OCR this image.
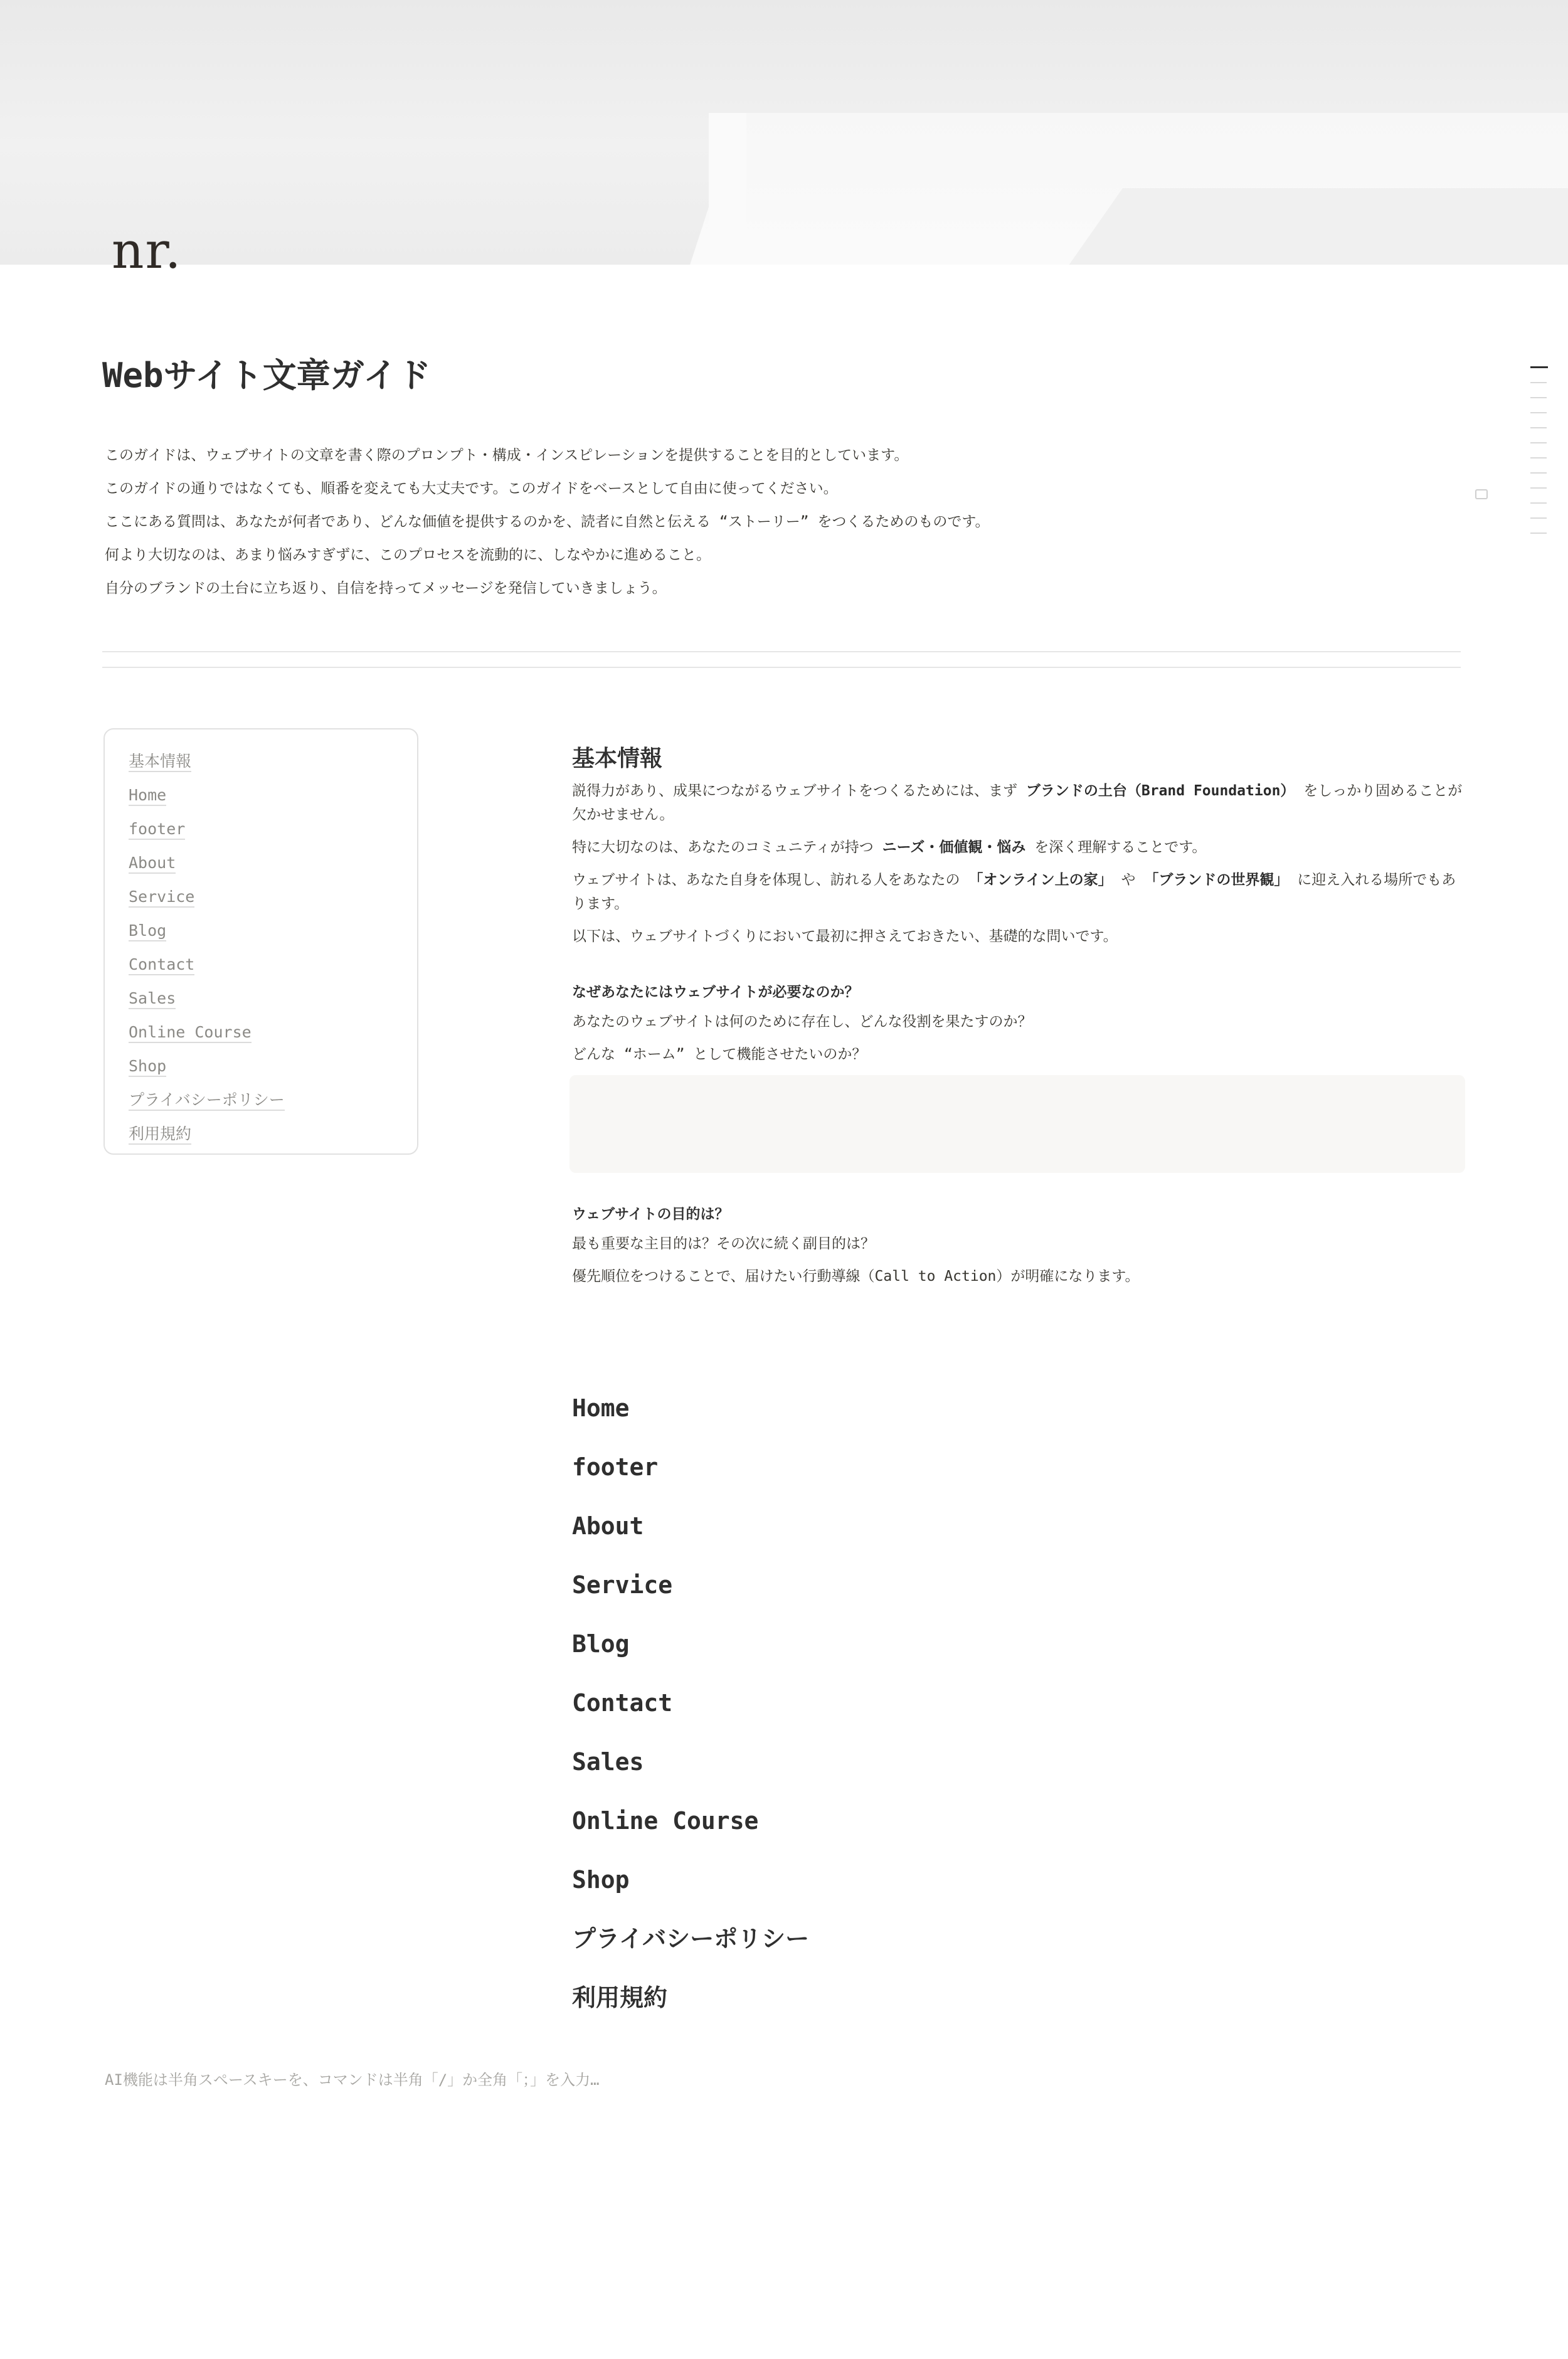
nr.
Webサイト文章ガイド

このガイドは、ウェブサイトの文章を書く際のプロンプト・構成・インスピレーションを提供することを目的としています。

このガイドの通りではなくても、順番を変えても大丈夫です。このガイドをベースとして自由に使ってください。

ここにある質問は、あなたが何者であり、どんな価値を提供するのかを、読者に自然と伝える “ストーリー” をつくるためのものです。

何より大切なのは、あまり悩みすぎずに、このプロセスを流動的に、しなやかに進めること。

自分のブランドの土台に立ち返り、自信を持ってメッセージを発信していきましょう。

基本情報
Home
footer
About
Service
Blog
Contact
Sales
Online Course
Shop
プライバシーポリシー
利用規約
基本情報

説得力があり、成果につながるウェブサイトをつくるためには、まず ブランドの土台（Brand Foundation） をしっかり固めることが欠かせません。

特に大切なのは、あなたのコミュニティが持つ ニーズ・価値観・悩み を深く理解することです。

ウェブサイトは、あなた自身を体現し、訪れる人をあなたの 「オンライン上の家」 や 「ブランドの世界観」 に迎え入れる場所でもあります。

以下は、ウェブサイトづくりにおいて最初に押さえておきたい、基礎的な問いです。

なぜあなたにはウェブサイトが必要なのか？

あなたのウェブサイトは何のために存在し、どんな役割を果たすのか？

どんな “ホーム” として機能させたいのか？

ウェブサイトの目的は？

最も重要な主目的は？その次に続く副目的は？

優先順位をつけることで、届けたい行動導線（Call to Action）が明確になります。

Home
footer
About
Service
Blog
Contact
Sales
Online Course
Shop
プライバシーポリシー
利用規約
AI機能は半角スペースキーを、コマンドは半角「/」か全角「；」を入力…
